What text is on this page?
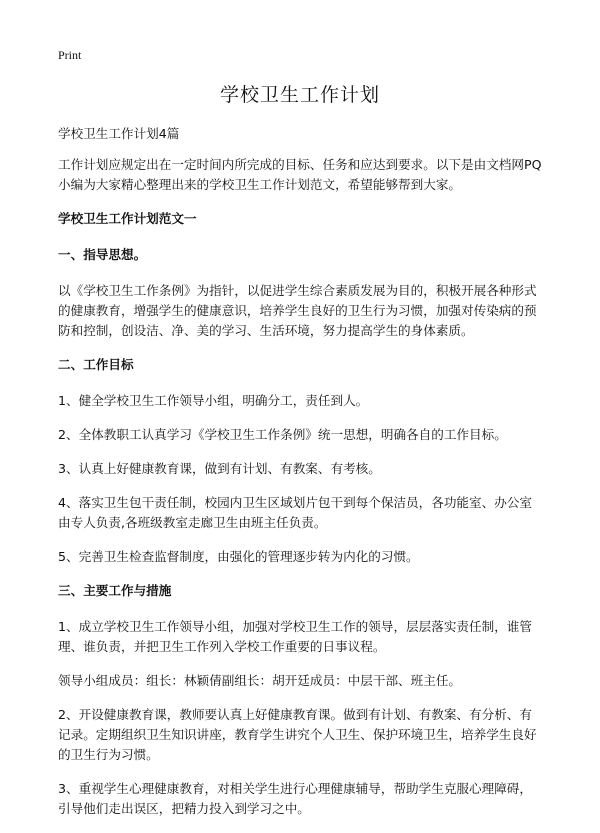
Print
学校卫生工作计划

学校卫生工作计划4篇

工作计划应规定出在一定时间内所完成的目标、任务和应达到要求。以下是由文档网PQ小编为大家精心整理出来的学校卫生工作计划范文，希望能够帮到大家。

学校卫生工作计划范文一

一、指导思想。

以《学校卫生工作条例》为指针，以促进学生综合素质发展为目的，积极开展各种形式的健康教育，增强学生的健康意识，培养学生良好的卫生行为习惯，加强对传染病的预防和控制，创设洁、净、美的学习、生活环境，努力提高学生的身体素质。

二、工作目标

1、健全学校卫生工作领导小组，明确分工，责任到人。

2、全体教职工认真学习《学校卫生工作条例》统一思想，明确各自的工作目标。

3、认真上好健康教育课，做到有计划、有教案、有考核。

4、落实卫生包干责任制，校园内卫生区域划片包干到每个保洁员，各功能室、办公室由专人负责,各班级教室走廊卫生由班主任负责。

5、完善卫生检查监督制度，由强化的管理逐步转为内化的习惯。

三、主要工作与措施

1、成立学校卫生工作领导小组，加强对学校卫生工作的领导，层层落实责任制，谁管理、谁负责，并把卫生工作列入学校工作重要的日事议程。

领导小组成员：组长：林颖倩副组长：胡开廷成员：中层干部、班主任。

2、开设健康教育课，教师要认真上好健康教育课。做到有计划、有教案、有分析、有记录。定期组织卫生知识讲座，教育学生讲究个人卫生、保护环境卫生，培养学生良好的卫生行为习惯。

3、重视学生心理健康教育，对相关学生进行心理健康辅导，帮助学生克服心理障碍，引导他们走出误区，把精力投入到学习之中。
